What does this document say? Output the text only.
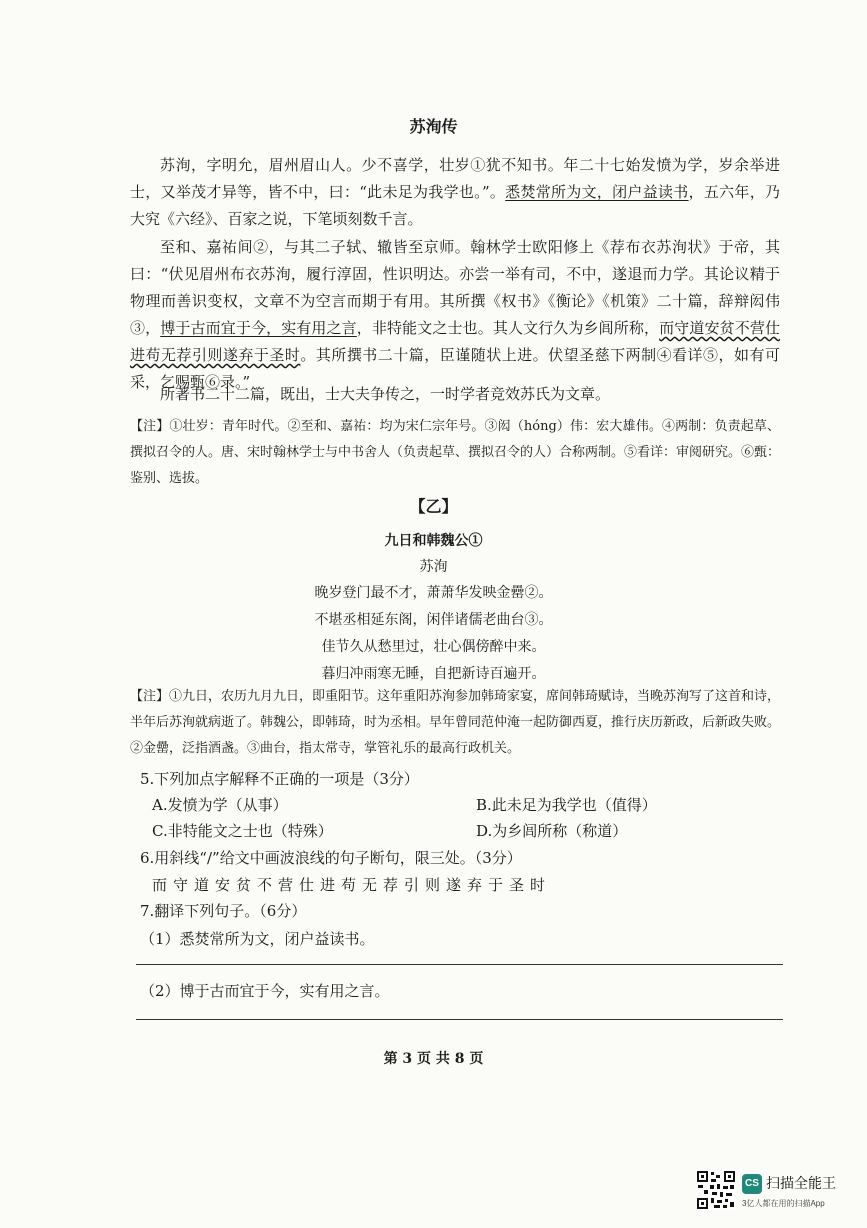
苏洵传

苏洵，字明允，眉州眉山人。少不喜学，壮岁①犹不知书。年二十七始发愤为学，岁余举进士，又举茂才异等，皆不中，曰：“此未足为我学也。”。悉焚常所为文，闭户益读书，五六年，乃大究《六经》、百家之说，下笔顷刻数千言。

至和、嘉祐间②，与其二子轼、辙皆至京师。翰林学士欧阳修上《荐布衣苏洵状》于帝，其曰：“伏见眉州布衣苏洵，履行淳固，性识明达。亦尝一举有司，不中，遂退而力学。其论议精于物理而善识变权，文章不为空言而期于有用。其所撰《权书》《衡论》《机策》二十篇，辞辩闳伟③，博于古而宜于今，实有用之言，非特能文之士也。其人文行久为乡闾所称，而守道安贫不营仕进苟无荐引则遂弃于圣时。其所撰书二十篇，臣谨随状上进。伏望圣慈下两制④看详⑤，如有可采，乞赐甄⑥录。”

所著书二十二篇，既出，士大夫争传之，一时学者竞效苏氏为文章。

【注】①壮岁：青年时代。②至和、嘉祐：均为宋仁宗年号。③闳（hóng）伟：宏大雄伟。④两制：负责起草、撰拟召令的人。唐、宋时翰林学士与中书舍人（负责起草、撰拟召令的人）合称两制。⑤看详：审阅研究。⑥甄：鉴别、选拔。

【乙】
九日和韩魏公①
苏洵
晚岁登门最不才，萧萧华发映金罍②。
不堪丞相延东阁，闲伴诸儒老曲台③。
佳节久从愁里过，壮心偶傍醉中来。
暮归冲雨寒无睡，自把新诗百遍开。

【注】①九日，农历九月九日，即重阳节。这年重阳苏洵参加韩琦家宴，席间韩琦赋诗，当晚苏洵写了这首和诗，半年后苏洵就病逝了。韩魏公，即韩琦，时为丞相。早年曾同范仲淹一起防御西夏，推行庆历新政，后新政失败。②金罍，泛指酒盏。③曲台，指太常寺，掌管礼乐的最高行政机关。

5.下列加点字解释不正确的一项是（3分）
A.发愤为学（从事）	B.此未足为我学也（值得）
C.非特能文之士也（特殊）	D.为乡闾所称（称道）
6.用斜线“/”给文中画波浪线的句子断句，限三处。（3分）
而守道安贫不营仕进苟无荐引则遂弃于圣时
7.翻译下列句子。（6分）
（1）悉焚常所为文，闭户益读书。
（2）博于古而宜于今，实有用之言。
第 3 页 共 8 页
CS 扫描全能王
3亿人都在用的扫描App
